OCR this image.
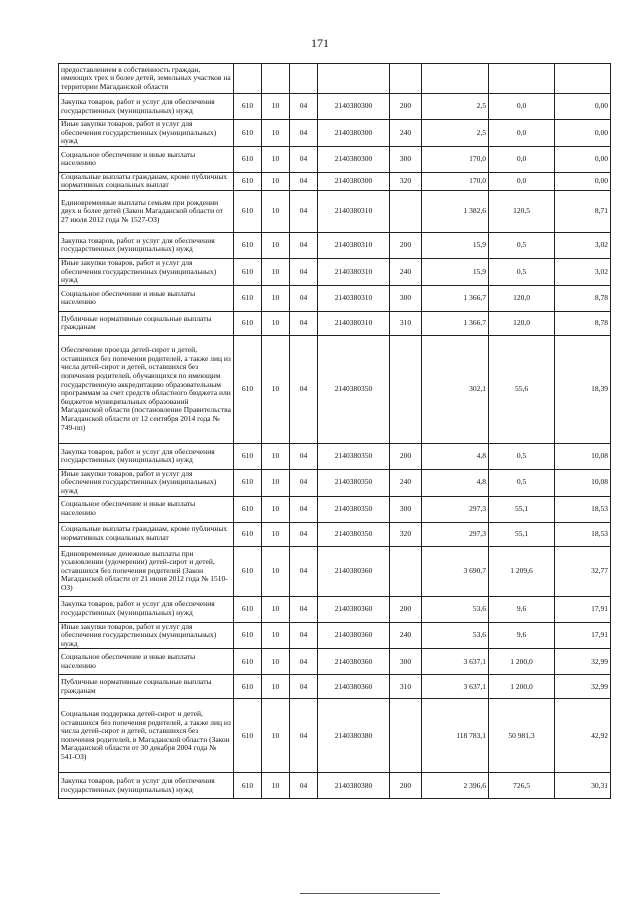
171
предоставлением в собственность граждан, имеющих трех и более детей, земельных участков на территории Магаданской области								
Закупка товаров, работ и услуг для обеспечения государственных (муниципальных) нужд	610	10	04	2140380300	200	2,5	0,0	0,00
Иные закупки товаров, работ и услуг для обеспечения государственных (муниципальных) нужд	610	10	04	2140380300	240	2,5	0,0	0,00
Социальное обеспечение и иные выплаты населению	610	10	04	2140380300	300	170,0	0,0	0,00
Социальные выплаты гражданам, кроме публичных нормативных социальных выплат	610	10	04	2140380300	320	170,0	0,0	0,00
Единовременные выплаты семьям при рождении двух и более детей (Закон Магаданской области от 27 июля 2012 года № 1527-ОЗ)	610	10	04	2140380310		1 382,6	120,5	8,71
Закупка товаров, работ и услуг для обеспечения государственных (муниципальных) нужд	610	10	04	2140380310	200	15,9	0,5	3,02
Иные закупки товаров, работ и услуг для обеспечения государственных (муниципальных) нужд	610	10	04	2140380310	240	15,9	0,5	3,02
Социальное обеспечение и иные выплаты населению	610	10	04	2140380310	300	1 366,7	120,0	8,78
Публичные нормативные социальные выплаты гражданам	610	10	04	2140380310	310	1 366,7	120,0	8,78
Обеспечение проезда детей-сирот и детей, оставшихся без попечения родителей, а также лиц из числа детей-сирот и детей, оставшихся без попечения родителей, обучающихся по имеющим государственную аккредитацию образовательным программам за счет средств областного бюджета или бюджетов муниципальных образований Магаданской области (постановление Правительства Магаданской области от 12 сентября 2014 года № 749-пп)	610	10	04	2140380350		302,1	55,6	18,39
Закупка товаров, работ и услуг для обеспечения государственных (муниципальных) нужд	610	10	04	2140380350	200	4,8	0,5	10,08
Иные закупки товаров, работ и услуг для обеспечения государственных (муниципальных) нужд	610	10	04	2140380350	240	4,8	0,5	10,08
Социальное обеспечение и иные выплаты населению	610	10	04	2140380350	300	297,3	55,1	18,53
Социальные выплаты гражданам, кроме публичных нормативных социальных выплат	610	10	04	2140380350	320	297,3	55,1	18,53
Единовременные денежные выплаты при усыновлении (удочерении) детей-сирот и детей, оставшихся без попечения родителей (Закон Магаданской области от 21 июня 2012 года № 1510-ОЗ)	610	10	04	2140380360		3 690,7	1 209,6	32,77
Закупка товаров, работ и услуг для обеспечения государственных (муниципальных) нужд	610	10	04	2140380360	200	53,6	9,6	17,91
Иные закупки товаров, работ и услуг для обеспечения государственных (муниципальных) нужд	610	10	04	2140380360	240	53,6	9,6	17,91
Социальное обеспечение и иные выплаты населению	610	10	04	2140380360	300	3 637,1	1 200,0	32,99
Публичные нормативные социальные выплаты гражданам	610	10	04	2140380360	310	3 637,1	1 200,0	32,99
Социальная поддержка детей-сирот и детей, оставшихся без попечения родителей, а также лиц из числа детей-сирот и детей, оставшихся без попечения родителей, в Магаданской области (Закон Магаданской области от 30 декабря 2004 года № 541-ОЗ)	610	10	04	2140380380		118 783,1	50 981,3	42,92
Закупка товаров, работ и услуг для обеспечения государственных (муниципальных) нужд	610	10	04	2140380380	200	2 396,6	726,5	30,31
